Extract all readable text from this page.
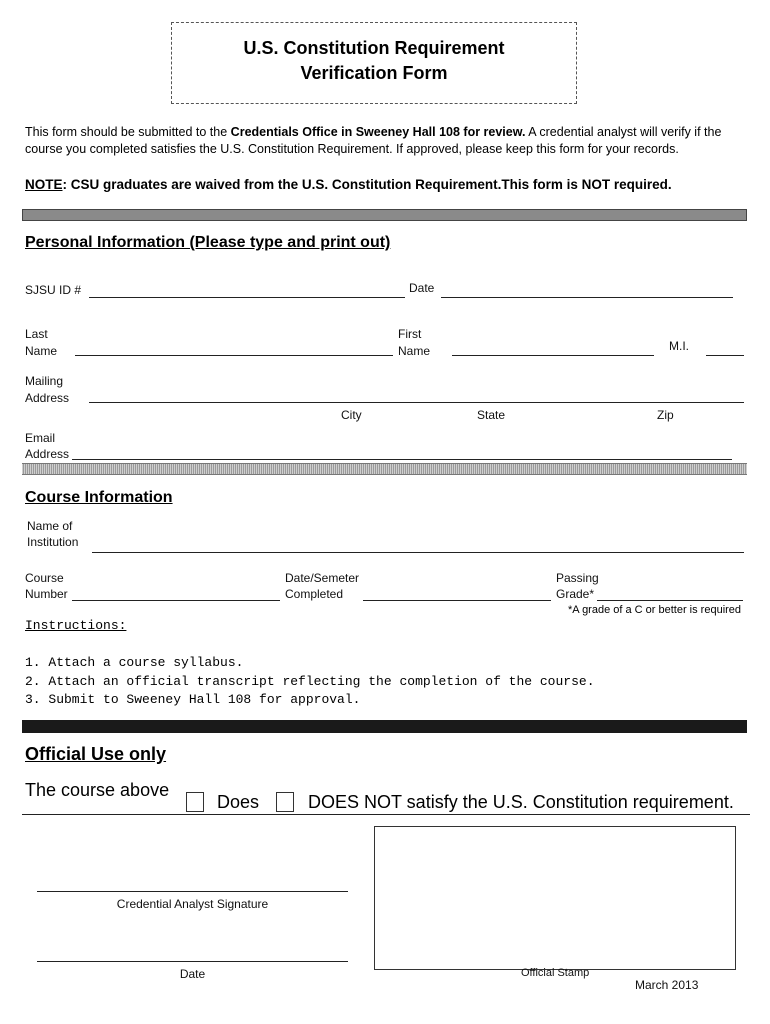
U.S. Constitution Requirement
Verification Form
This form should be submitted to the Credentials Office in Sweeney Hall 108 for review. A credential analyst will verify if the course you completed satisfies the U.S. Constitution Requirement. If approved, please keep this form for your records.
NOTE: CSU graduates are waived from the U.S. Constitution Requirement.This form is NOT required.
Personal Information (Please type and print out)
SJSU ID #	Date
Last
Name
First
Name	M.I.
Mailing
Address
City	State	Zip
Email
Address
Course Information
Name of
Institution
Course
Number
Date/Semeter
Completed
Passing
Grade*
*A grade of a C or better is required
Instructions:
1. Attach a course syllabus.
2. Attach an official transcript reflecting the completion of the course.
3. Submit to Sweeney Hall 108 for approval.
Official Use only
The course above
Does	DOES NOT satisfy the U.S. Constitution requirement.
Credential Analyst Signature
Date	Official Stamp
March 2013
